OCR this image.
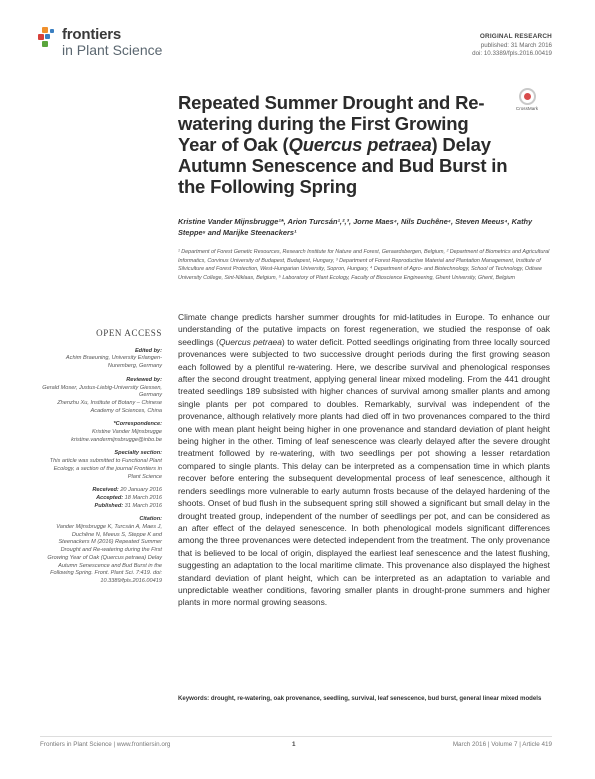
frontiers
in Plant Science
ORIGINAL RESEARCH
published: 31 March 2016
doi: 10.3389/fpls.2016.00419
CrossMark
Repeated Summer Drought and Re-watering during the First Growing Year of Oak (Quercus petraea) Delay Autumn Senescence and Bud Burst in the Following Spring
Kristine Vander Mijnsbrugge¹*, Arion Turcsán¹,²,³, Jorne Maes⁴, Nils Duchêne⁴, Steven Meeus⁴, Kathy Steppe⁵ and Marijke Steenackers¹
¹ Department of Forest Genetic Resources, Research Institute for Nature and Forest, Geraardsbergen, Belgium, ² Department of Biometrics and Agricultural Informatics, Corvinus University of Budapest, Budapest, Hungary, ³ Department of Forest Reproductive Material and Plantation Management, Institute of Silviculture and Forest Protection, West-Hungarian University, Sopron, Hungary, ⁴ Department of Agro- and Biotechnology, School of Technology, Odisee University College, Sint-Niklaas, Belgium, ⁵ Laboratory of Plant Ecology, Faculty of Bioscience Engineering, Ghent University, Ghent, Belgium
OPEN ACCESS
Edited by:
Achim Braeuning, University Erlangen-Nuremberg, Germany
Reviewed by:
Gerald Moser, Justus-Liebig-University Giessen, Germany
Zhenzhu Xu, Institute of Botany – Chinese Academy of Sciences, China
*Correspondence:
Kristine Vander Mijnsbrugge kristine.vandermijnsbrugge@inbo.be
Specialty section:
This article was submitted to Functional Plant Ecology, a section of the journal Frontiers in Plant Science
Received: 20 January 2016
Accepted: 18 March 2016
Published: 31 March 2016
Citation:
Vander Mijnsbrugge K, Turcsán A, Maes J, Duchêne N, Meeus S, Steppe K and Steenackers M (2016) Repeated Summer Drought and Re-watering during the First Growing Year of Oak (Quercus petraea) Delay Autumn Senescence and Bud Burst in the Following Spring. Front. Plant Sci. 7:419. doi: 10.3389/fpls.2016.00419
Climate change predicts harsher summer droughts for mid-latitudes in Europe. To enhance our understanding of the putative impacts on forest regeneration, we studied the response of oak seedlings (Quercus petraea) to water deficit. Potted seedlings originating from three locally sourced provenances were subjected to two successive drought periods during the first growing season each followed by a plentiful re-watering. Here, we describe survival and phenological responses after the second drought treatment, applying general linear mixed modeling. From the 441 drought treated seedlings 189 subsisted with higher chances of survival among smaller plants and among single plants per pot compared to doubles. Remarkably, survival was independent of the provenance, although relatively more plants had died off in two provenances compared to the third one with mean plant height being higher in one provenance and standard deviation of plant height being higher in the other. Timing of leaf senescence was clearly delayed after the severe drought treatment followed by re-watering, with two seedlings per pot showing a lesser retardation compared to single plants. This delay can be interpreted as a compensation time in which plants recover before entering the subsequent developmental process of leaf senescence, although it renders seedlings more vulnerable to early autumn frosts because of the delayed hardening of the shoots. Onset of bud flush in the subsequent spring still showed a significant but small delay in the drought treated group, independent of the number of seedlings per pot, and can be considered as an after effect of the delayed senescence. In both phenological models significant differences among the three provenances were detected independent from the treatment. The only provenance that is believed to be local of origin, displayed the earliest leaf senescence and the latest flushing, suggesting an adaptation to the local maritime climate. This provenance also displayed the highest standard deviation of plant height, which can be interpreted as an adaptation to variable and unpredictable weather conditions, favoring smaller plants in drought-prone summers and higher plants in more normal growing seasons.
Keywords: drought, re-watering, oak provenance, seedling, survival, leaf senescence, bud burst, general linear mixed models
Frontiers in Plant Science | www.frontiersin.org	1	March 2016 | Volume 7 | Article 419
